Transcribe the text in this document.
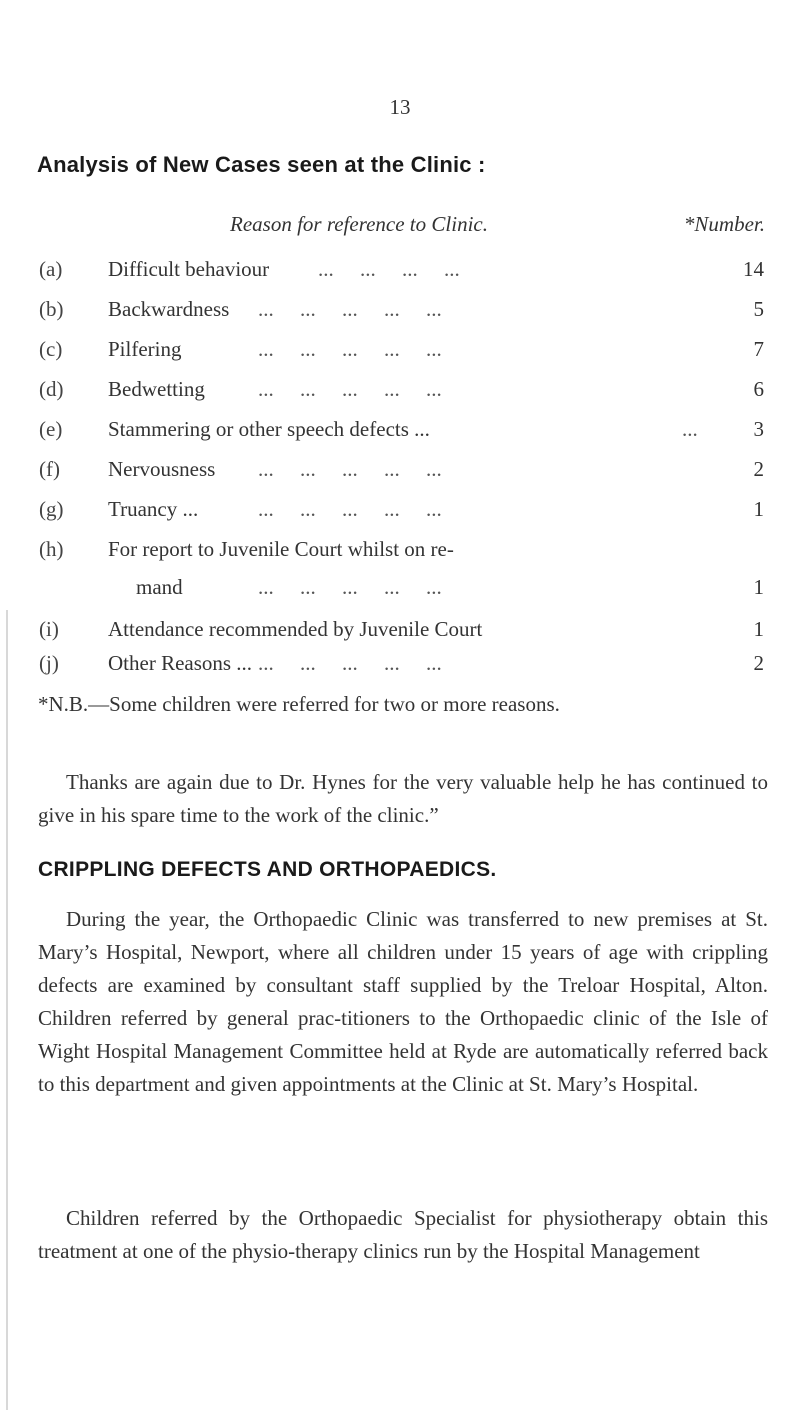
13
Analysis of New Cases seen at the Clinic :
Reason for reference to Clinic.	*Number.
(a)	Difficult behaviour ...     ...     ...     ...	14
(b)	Backwardness ...     ...     ...     ...     ...	5
(c)	Pilfering	...     ...     ...     ...     ...	7
(d)	Bedwetting	...     ...     ...     ...     ...	6
(e)	Stammering or other speech defects ...	...	3
(f)	Nervousness ...     ...     ...     ...     ...	2
(g)	Truancy ...	...     ...     ...     ...     ...	1
(h)	For report to Juvenile Court whilst on re-
mand	...     ...     ...     ...     ...	1
(i)	Attendance recommended by Juvenile Court	1
(j)	Other Reasons ... ...     ...     ...     ...     ...	2
*N.B.—Some children were referred for two or more reasons.
Thanks are again due to Dr. Hynes for the very valuable help he has continued to give in his spare time to the work of the clinic.”
CRIPPLING DEFECTS AND ORTHOPAEDICS.
During the year, the Orthopaedic Clinic was transferred to new premises at St. Mary’s Hospital, Newport, where all children under 15 years of age with crippling defects are examined by consultant staff supplied by the Treloar Hospital, Alton. Children referred by general prac-titioners to the Orthopaedic clinic of the Isle of Wight Hospital Management Committee held at Ryde are automatically referred back to this department and given appointments at the Clinic at St. Mary’s Hospital.
Children referred by the Orthopaedic Specialist for physiotherapy obtain this treatment at one of the physio-therapy clinics run by the Hospital Management
